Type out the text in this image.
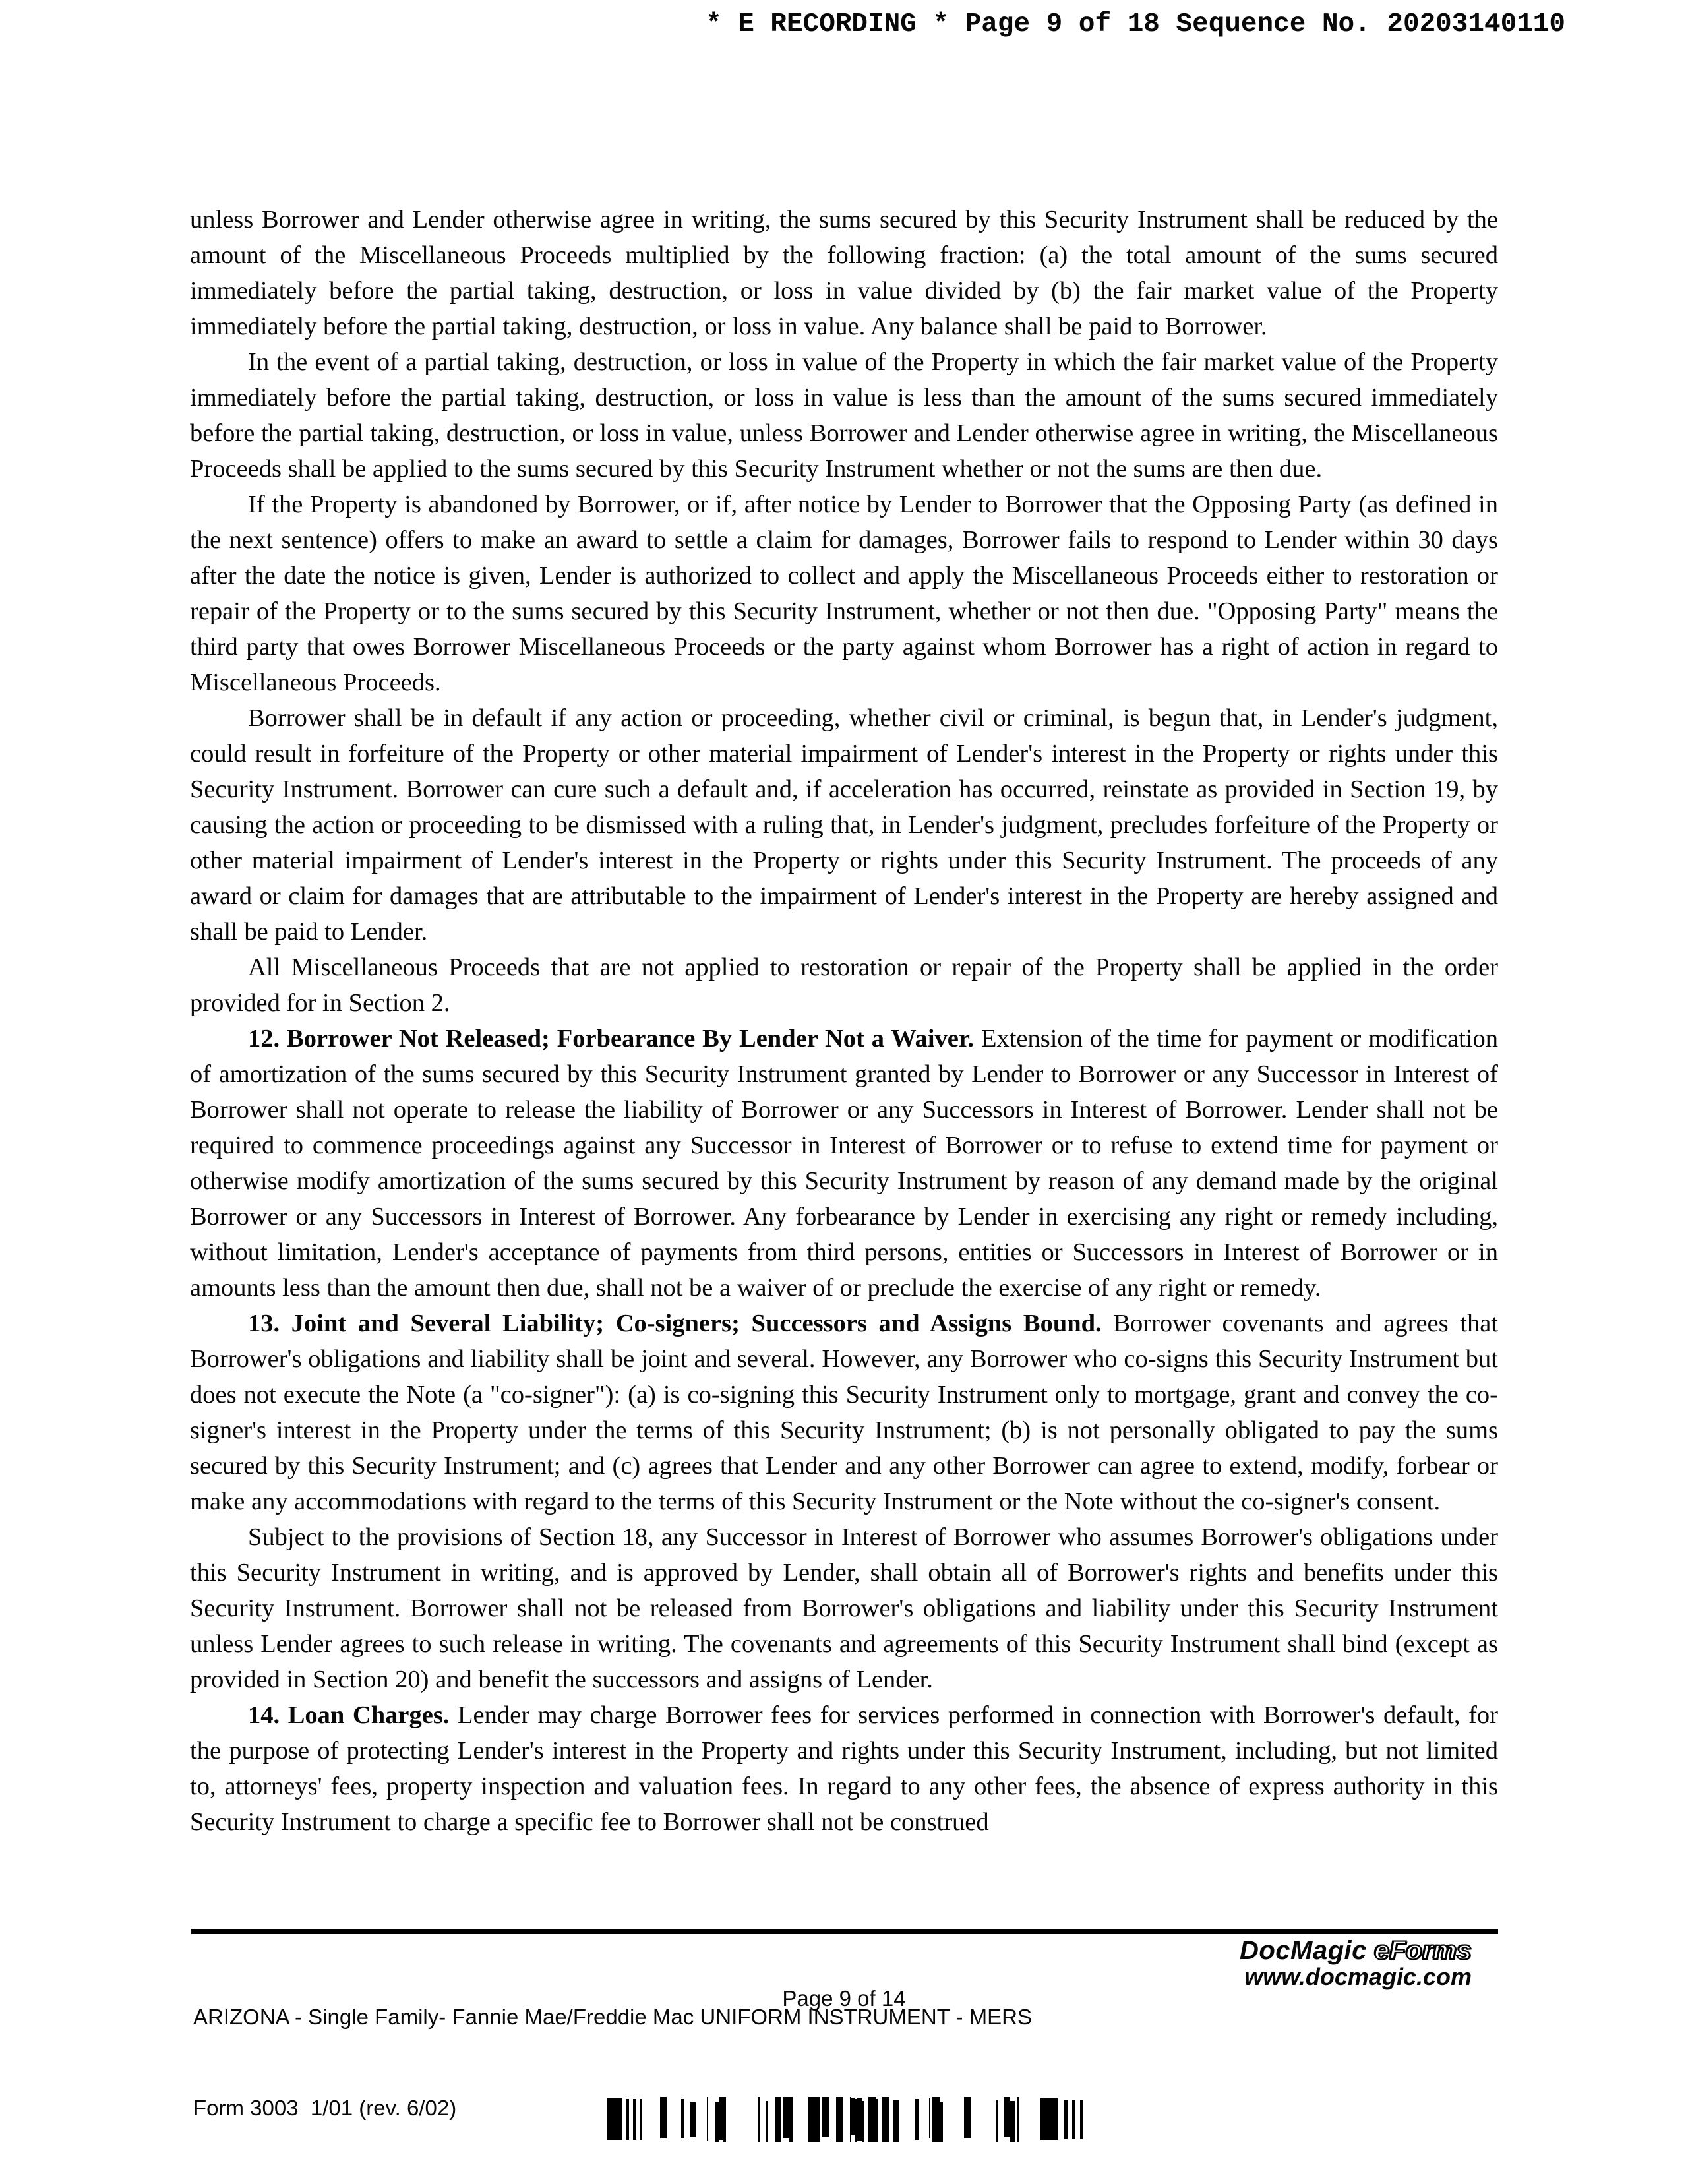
* E RECORDING * Page 9 of 18 Sequence No. 20203140110

unless Borrower and Lender otherwise agree in writing, the sums secured by this Security Instrument shall be reduced by the amount of the Miscellaneous Proceeds multiplied by the following fraction: (a) the total amount of the sums secured immediately before the partial taking, destruction, or loss in value divided by (b) the fair market value of the Property immediately before the partial taking, destruction, or loss in value. Any balance shall be paid to Borrower.

In the event of a partial taking, destruction, or loss in value of the Property in which the fair market value of the Property immediately before the partial taking, destruction, or loss in value is less than the amount of the sums secured immediately before the partial taking, destruction, or loss in value, unless Borrower and Lender otherwise agree in writing, the Miscellaneous Proceeds shall be applied to the sums secured by this Security Instrument whether or not the sums are then due.

If the Property is abandoned by Borrower, or if, after notice by Lender to Borrower that the Opposing Party (as defined in the next sentence) offers to make an award to settle a claim for damages, Borrower fails to respond to Lender within 30 days after the date the notice is given, Lender is authorized to collect and apply the Miscellaneous Proceeds either to restoration or repair of the Property or to the sums secured by this Security Instrument, whether or not then due. "Opposing Party" means the third party that owes Borrower Miscellaneous Proceeds or the party against whom Borrower has a right of action in regard to Miscellaneous Proceeds.

Borrower shall be in default if any action or proceeding, whether civil or criminal, is begun that, in Lender's judgment, could result in forfeiture of the Property or other material impairment of Lender's interest in the Property or rights under this Security Instrument. Borrower can cure such a default and, if acceleration has occurred, reinstate as provided in Section 19, by causing the action or proceeding to be dismissed with a ruling that, in Lender's judgment, precludes forfeiture of the Property or other material impairment of Lender's interest in the Property or rights under this Security Instrument. The proceeds of any award or claim for damages that are attributable to the impairment of Lender's interest in the Property are hereby assigned and shall be paid to Lender.

All Miscellaneous Proceeds that are not applied to restoration or repair of the Property shall be applied in the order provided for in Section 2.

12. Borrower Not Released; Forbearance By Lender Not a Waiver. Extension of the time for payment or modification of amortization of the sums secured by this Security Instrument granted by Lender to Borrower or any Successor in Interest of Borrower shall not operate to release the liability of Borrower or any Successors in Interest of Borrower. Lender shall not be required to commence proceedings against any Successor in Interest of Borrower or to refuse to extend time for payment or otherwise modify amortization of the sums secured by this Security Instrument by reason of any demand made by the original Borrower or any Successors in Interest of Borrower. Any forbearance by Lender in exercising any right or remedy including, without limitation, Lender's acceptance of payments from third persons, entities or Successors in Interest of Borrower or in amounts less than the amount then due, shall not be a waiver of or preclude the exercise of any right or remedy.

13. Joint and Several Liability; Co-signers; Successors and Assigns Bound. Borrower covenants and agrees that Borrower's obligations and liability shall be joint and several. However, any Borrower who co-signs this Security Instrument but does not execute the Note (a "co-signer"): (a) is co-signing this Security Instrument only to mortgage, grant and convey the co-signer's interest in the Property under the terms of this Security Instrument; (b) is not personally obligated to pay the sums secured by this Security Instrument; and (c) agrees that Lender and any other Borrower can agree to extend, modify, forbear or make any accommodations with regard to the terms of this Security Instrument or the Note without the co-signer's consent.

Subject to the provisions of Section 18, any Successor in Interest of Borrower who assumes Borrower's obligations under this Security Instrument in writing, and is approved by Lender, shall obtain all of Borrower's rights and benefits under this Security Instrument. Borrower shall not be released from Borrower's obligations and liability under this Security Instrument unless Lender agrees to such release in writing. The covenants and agreements of this Security Instrument shall bind (except as provided in Section 20) and benefit the successors and assigns of Lender.

14. Loan Charges. Lender may charge Borrower fees for services performed in connection with Borrower's default, for the purpose of protecting Lender's interest in the Property and rights under this Security Instrument, including, but not limited to, attorneys' fees, property inspection and valuation fees. In regard to any other fees, the absence of express authority in this Security Instrument to charge a specific fee to Borrower shall not be construed

ARIZONA - Single Family- Fannie Mae/Freddie Mac UNIFORM INSTRUMENT - MERS

Form 3003  1/01 (rev. 6/02)

DocMagic eForms
www.docmagic.com
Page 9 of 14
